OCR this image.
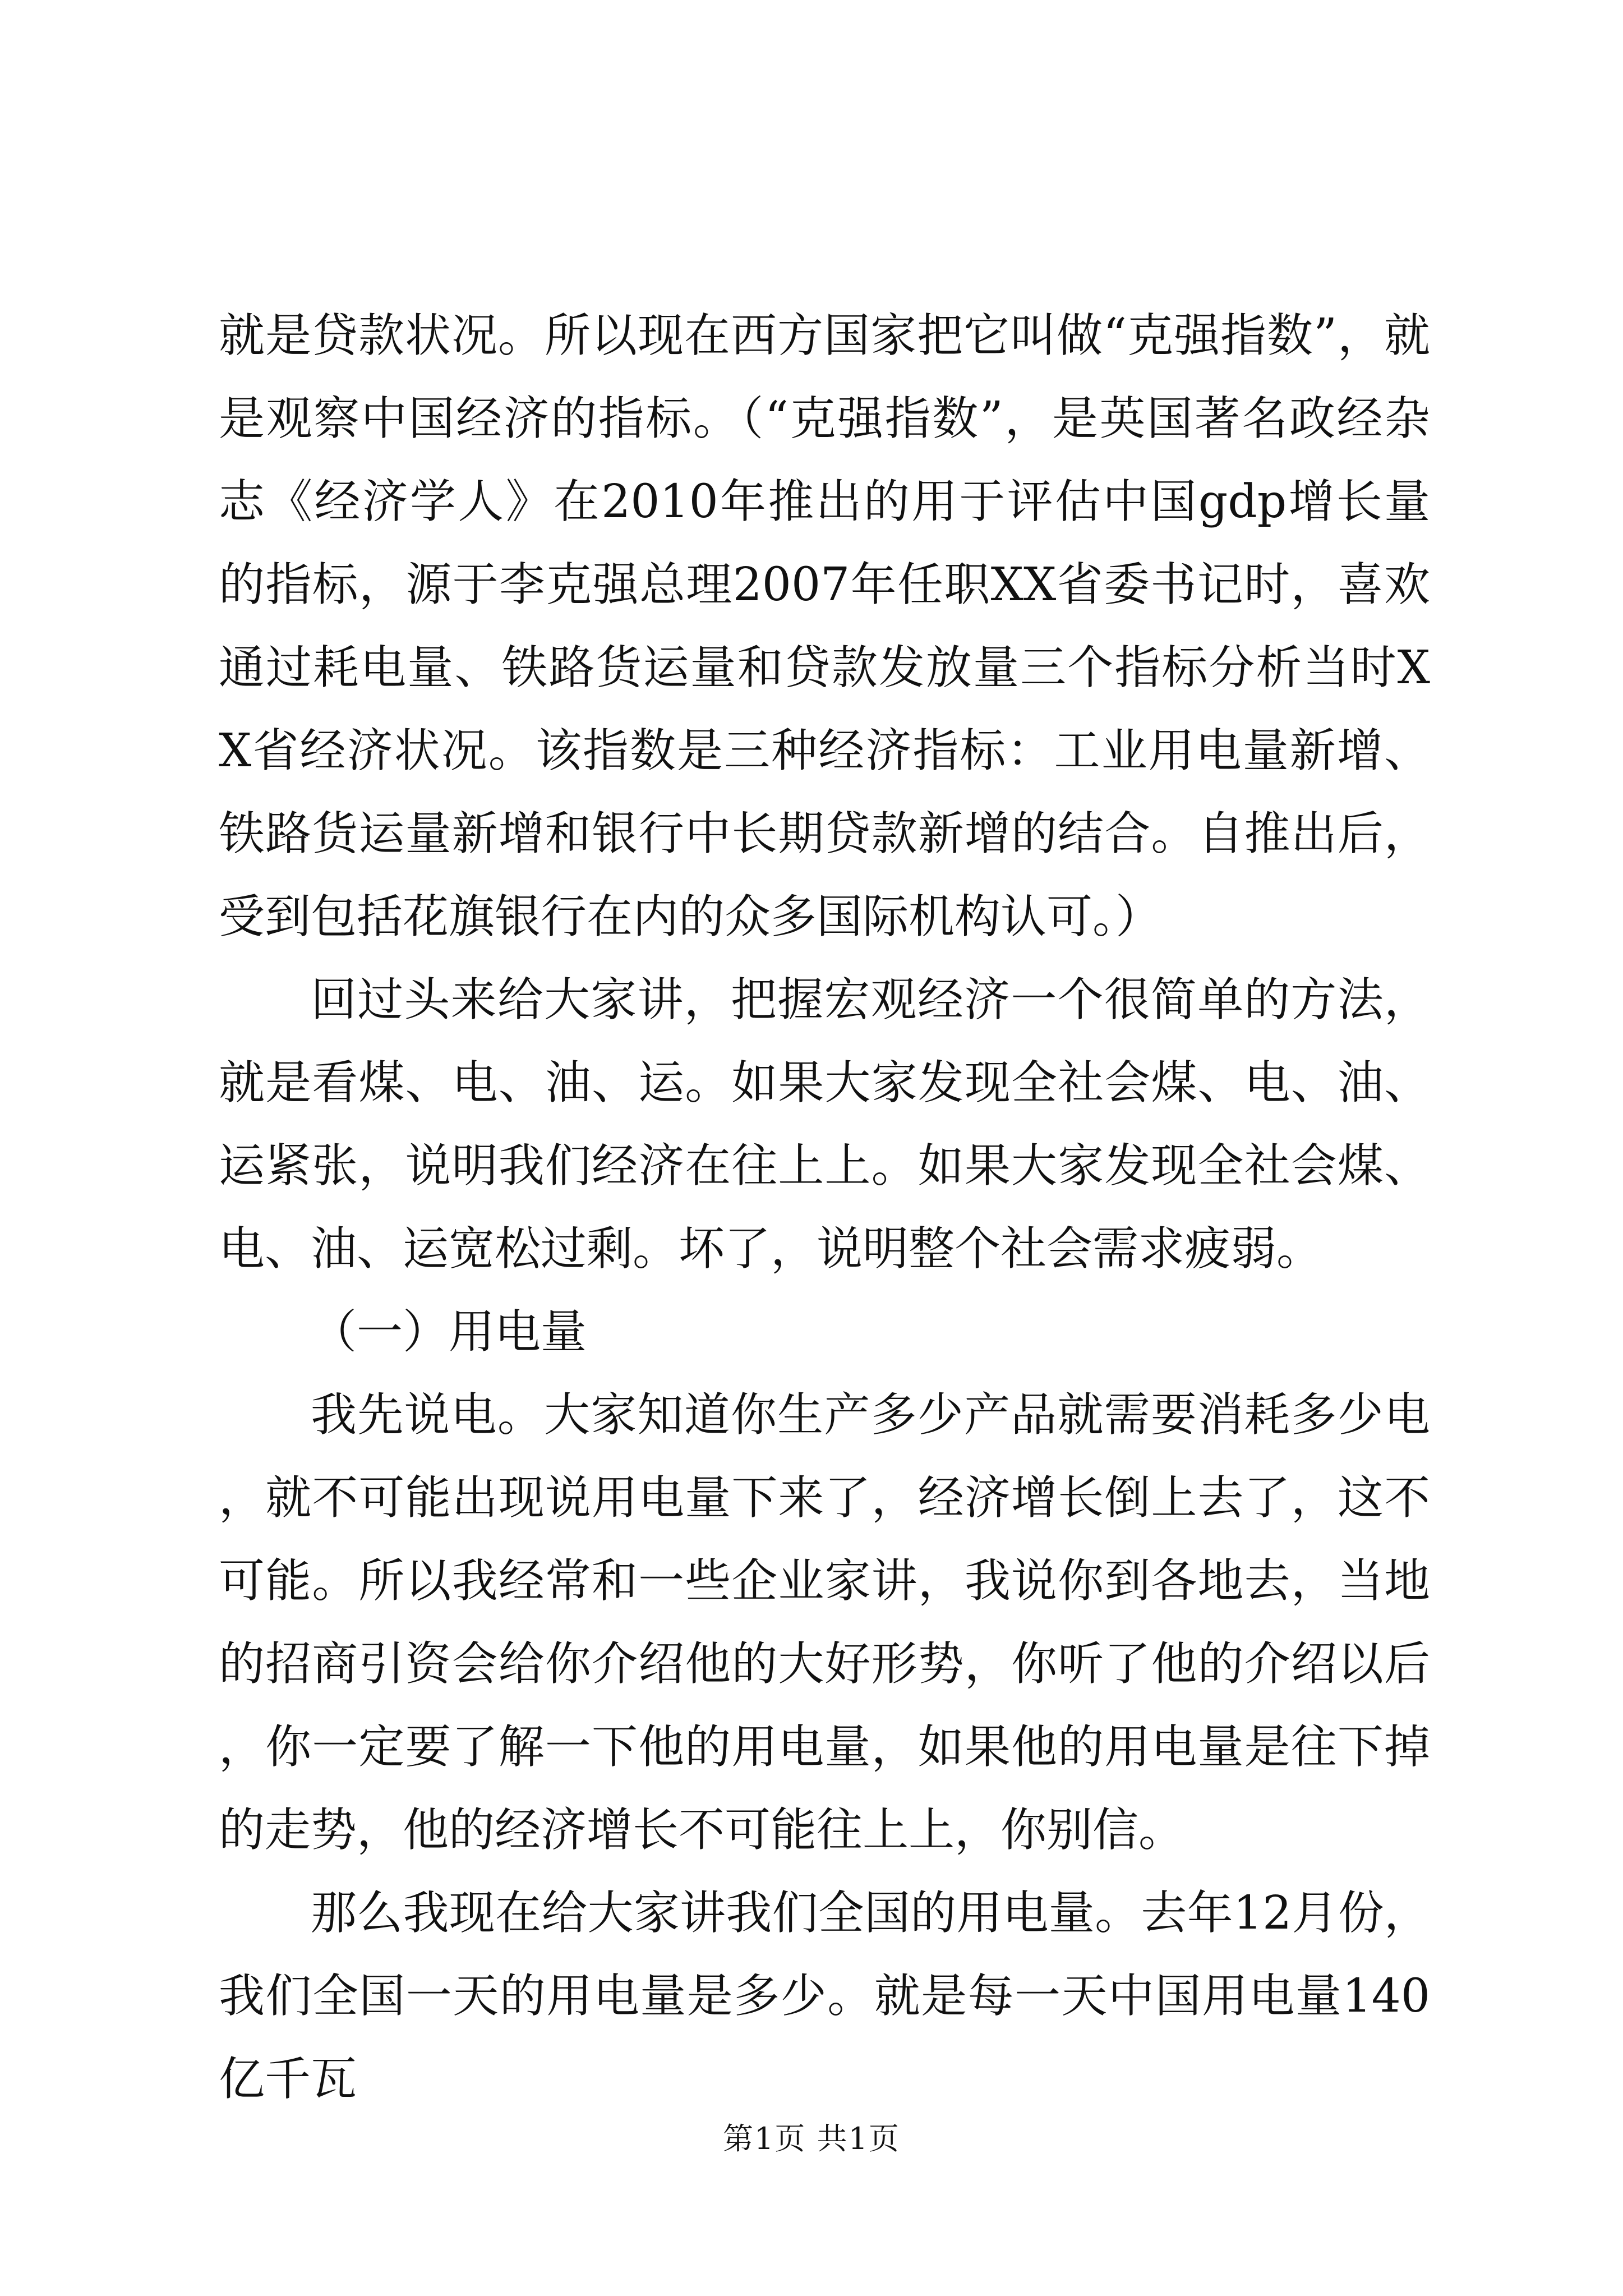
就是贷款状况。所以现在西方国家把它叫做“克强指数”，就是观察中国经济的指标。（“克强指数”，是英国著名政经杂志《经济学人》在2010年推出的用于评估中国gdp增长量的指标，源于李克强总理2007年任职XX省委书记时，喜欢通过耗电量、铁路货运量和贷款发放量三个指标分析当时XX省经济状况。该指数是三种经济指标：工业用电量新增、铁路货运量新增和银行中长期贷款新增的结合。自推出后，受到包括花旗银行在内的众多国际机构认可。）

回过头来给大家讲，把握宏观经济一个很简单的方法，就是看煤、电、油、运。如果大家发现全社会煤、电、油、运紧张，说明我们经济在往上上。如果大家发现全社会煤、电、油、运宽松过剩。坏了，说明整个社会需求疲弱。

（一）用电量

我先说电。大家知道你生产多少产品就需要消耗多少电，就不可能出现说用电量下来了，经济增长倒上去了，这不可能。所以我经常和一些企业家讲，我说你到各地去，当地的招商引资会给你介绍他的大好形势，你听了他的介绍以后，你一定要了解一下他的用电量，如果他的用电量是往下掉的走势，他的经济增长不可能往上上，你别信。

那么我现在给大家讲我们全国的用电量。去年12月份，我们全国一天的用电量是多少。就是每一天中国用电量140亿千瓦

第1页 共1页
